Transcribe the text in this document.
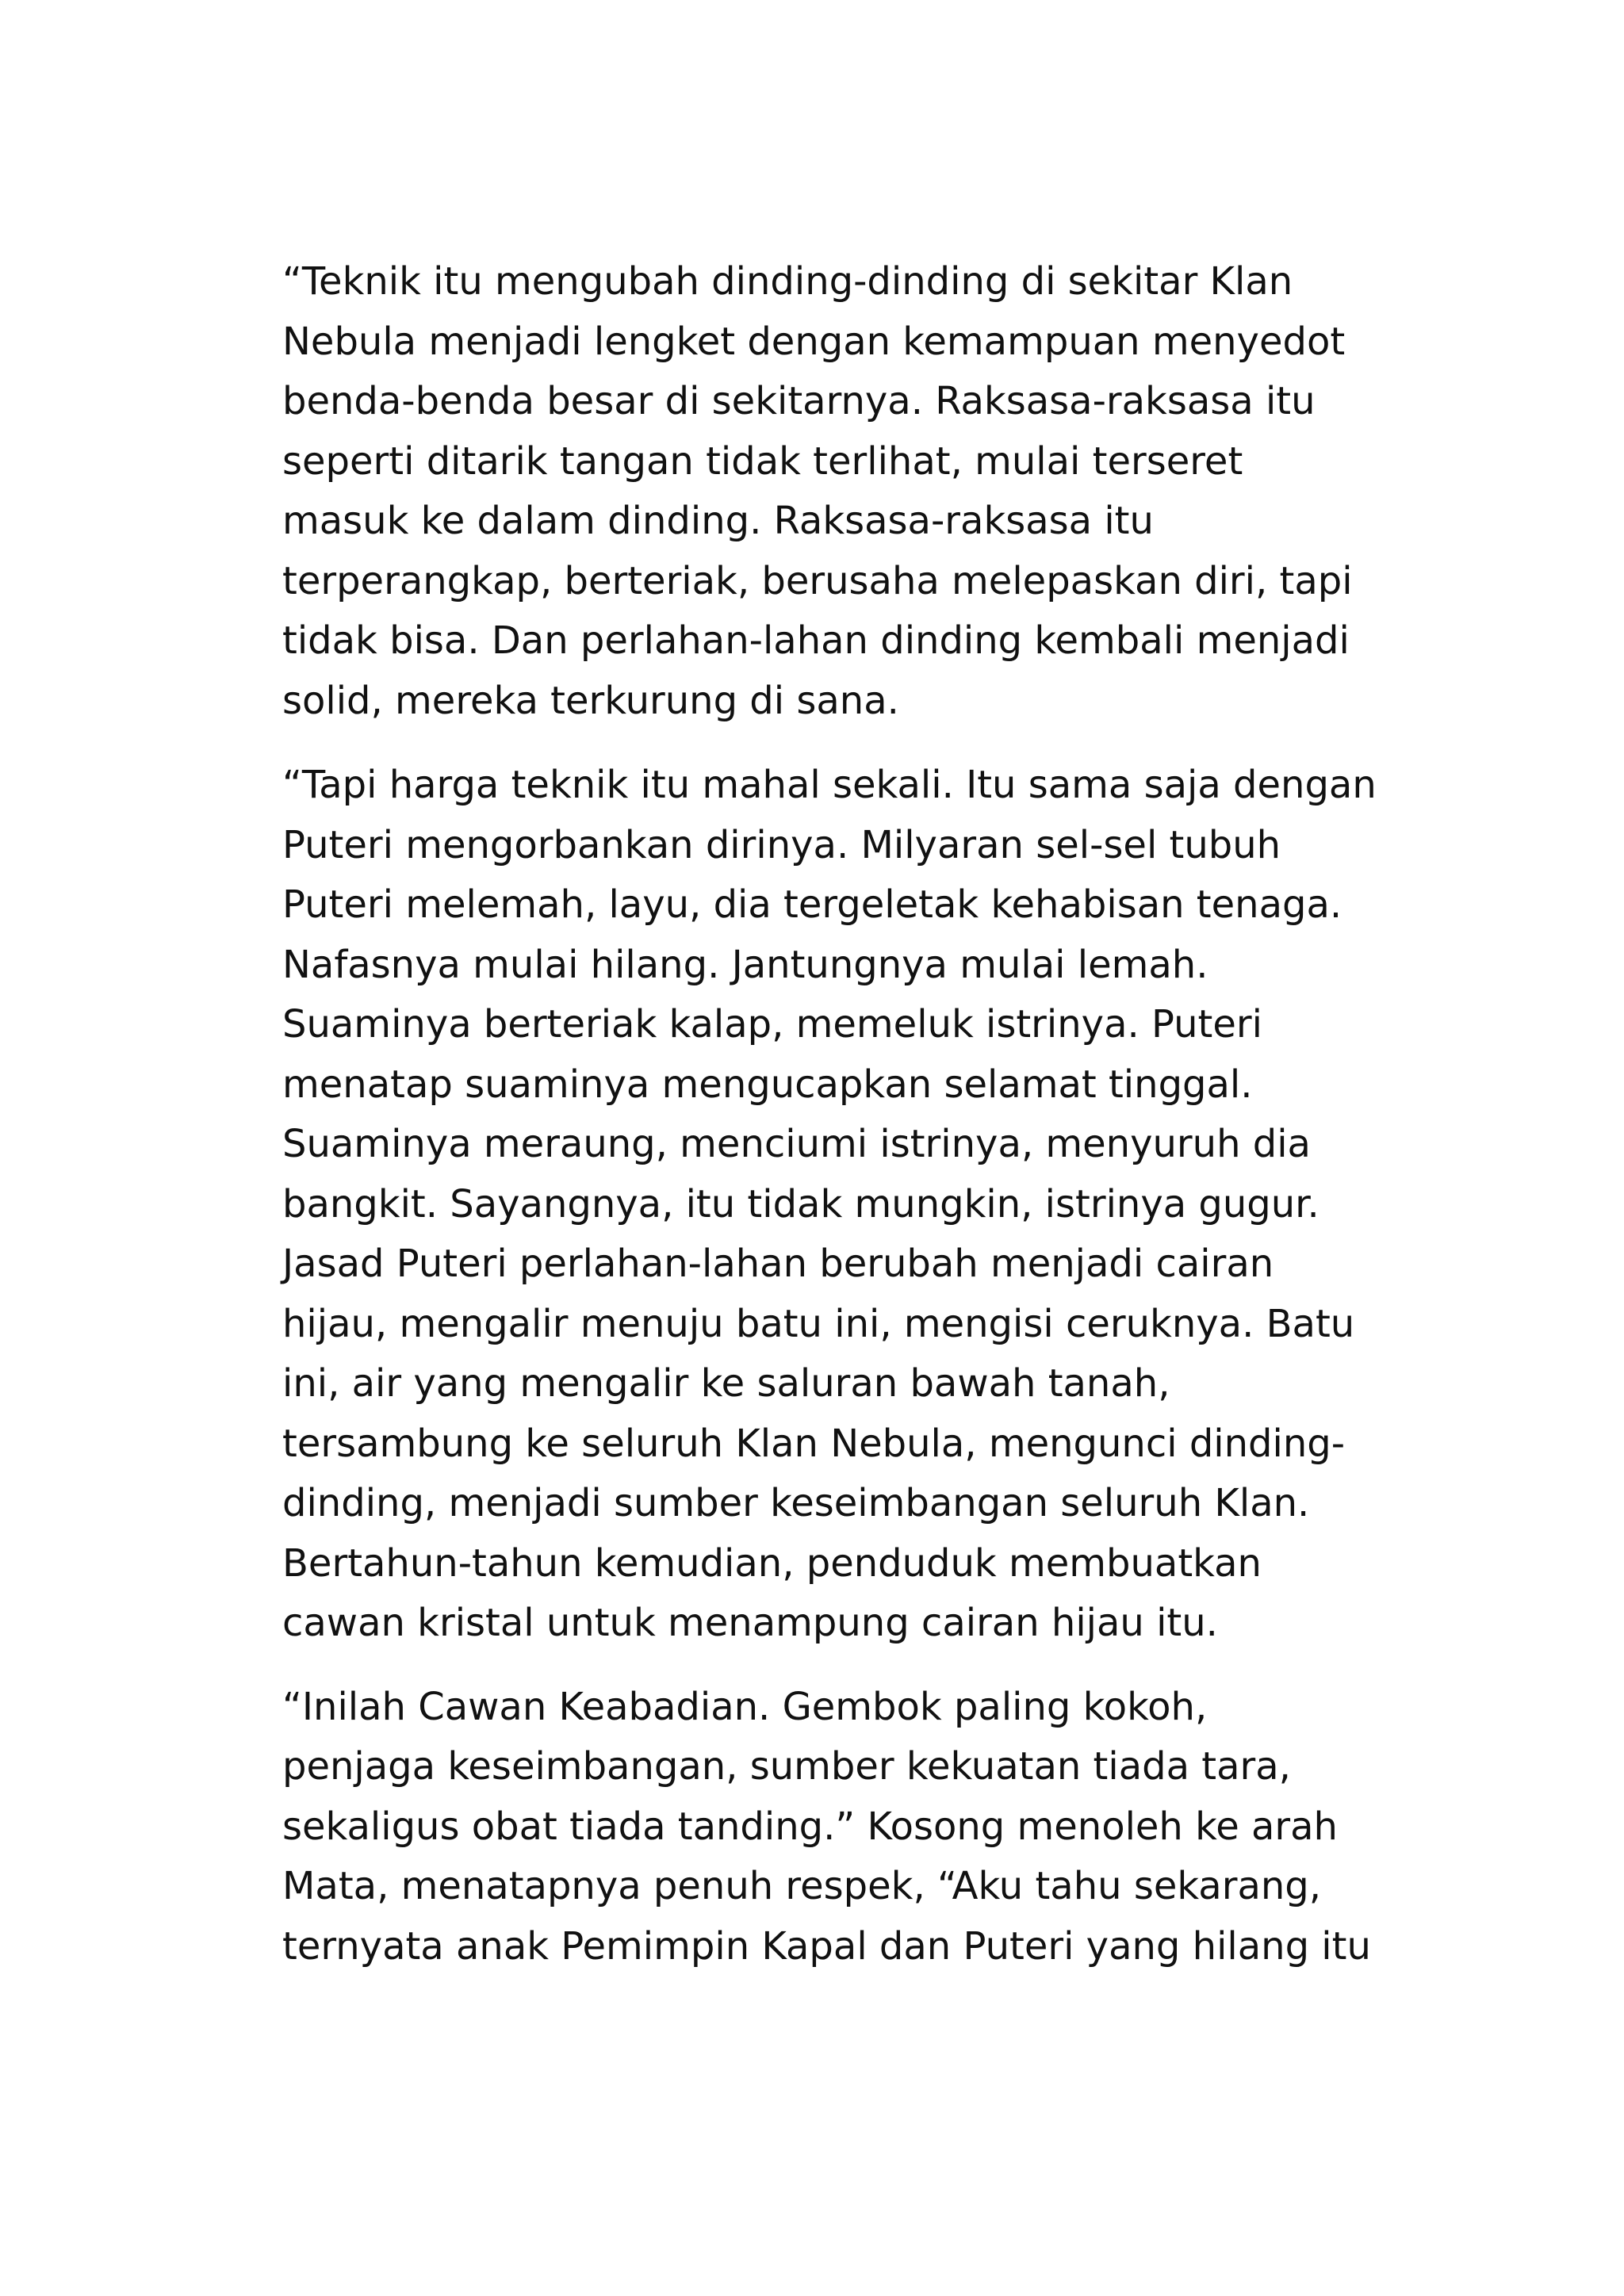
“Teknik itu mengubah dinding-dinding di sekitar Klan
Nebula menjadi lengket dengan kemampuan menyedot
benda-benda besar di sekitarnya. Raksasa-raksasa itu
seperti ditarik tangan tidak terlihat, mulai terseret
masuk ke dalam dinding. Raksasa-raksasa itu
terperangkap, berteriak, berusaha melepaskan diri, tapi
tidak bisa. Dan perlahan-lahan dinding kembali menjadi
solid, mereka terkurung di sana.

“Tapi harga teknik itu mahal sekali. Itu sama saja dengan
Puteri mengorbankan dirinya. Milyaran sel-sel tubuh
Puteri melemah, layu, dia tergeletak kehabisan tenaga.
Nafasnya mulai hilang. Jantungnya mulai lemah.
Suaminya berteriak kalap, memeluk istrinya. Puteri
menatap suaminya mengucapkan selamat tinggal.
Suaminya meraung, menciumi istrinya, menyuruh dia
bangkit. Sayangnya, itu tidak mungkin, istrinya gugur.
Jasad Puteri perlahan-lahan berubah menjadi cairan
hijau, mengalir menuju batu ini, mengisi ceruknya. Batu
ini, air yang mengalir ke saluran bawah tanah,
tersambung ke seluruh Klan Nebula, mengunci dinding-
dinding, menjadi sumber keseimbangan seluruh Klan.
Bertahun-tahun kemudian, penduduk membuatkan
cawan kristal untuk menampung cairan hijau itu.

“Inilah Cawan Keabadian. Gembok paling kokoh,
penjaga keseimbangan, sumber kekuatan tiada tara,
sekaligus obat tiada tanding.” Kosong menoleh ke arah
Mata, menatapnya penuh respek, “Aku tahu sekarang,
ternyata anak Pemimpin Kapal dan Puteri yang hilang itu
